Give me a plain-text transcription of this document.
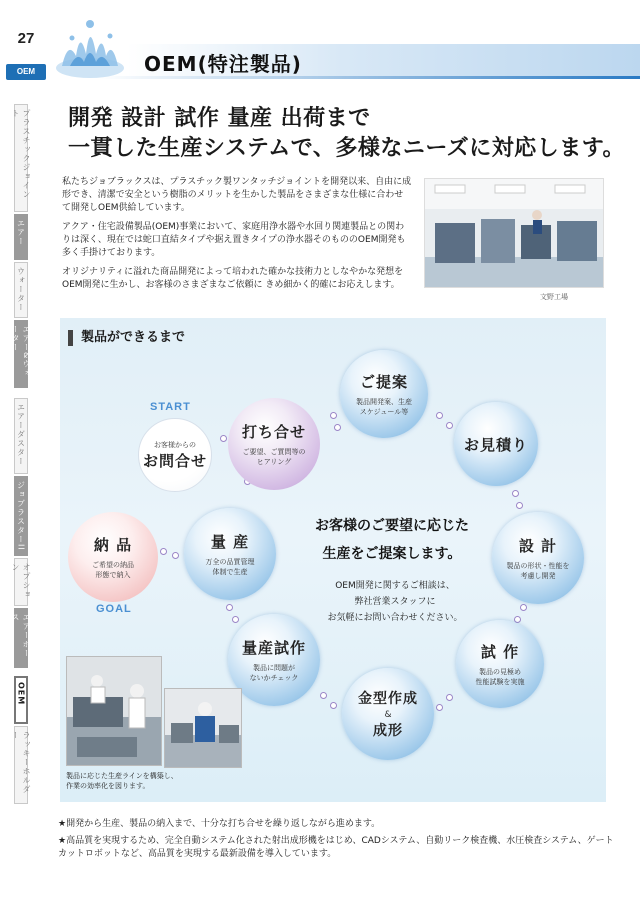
27
OEM	OEM(特注製品)
プラスチックジョイント
エアー
ウォーター
エアー&ウォーター
エアーダスター
ジョブラスターII
オプション
エアーホース
OEM
ラッキーホルダー
開発 設計 試作 量産 出荷まで
一貫した生産システムで、多様なニーズに対応します。

私たちジョブラックスは、プラスチック製ワンタッチジョイントを開発以来、自由に成形でき、清潔で安全という樹脂のメリットを生かした製品をさまざまな仕様に合わせて開発しOEM供給しています。

アクア・住宅設備製品(OEM)事業において、家庭用浄水器や水回り関連製品との関わりは深く、現在では蛇口直結タイプや据え置きタイプの浄水器そのもののOEM開発も多く手掛けております。

オリジナリティに溢れた商品開発によって培われた確かな技術力としなやかな発想をOEM開発に生かし、お客様のさまざまなご依頼に きめ細かく的確にお応えします。

文野工場
製品ができるまで
START
GOAL
お客様からの
お問合せ
打ち合せ
ご要望、ご質問等の
ヒアリング
ご提案
製品開発案、生産
スケジュール等
お見積り
設 計
製品の形状・性能を
考慮し開発
試 作
製品の見極め
性能試験を実施
金型作成
&
成形
量産試作
製品に問題が
ないかチェック
量 産
万全の品質管理
体制で生産
納 品
ご希望の納品
形態で納入
お客様のご要望に応じた
生産をご提案します。
OEM開発に関するご相談は、
弊社営業スタッフに
お気軽にお問い合わせください。
製品に応じた生産ラインを構築し、
作業の効率化を図ります。
★開発から生産、製品の納入まで、十分な打ち合せを繰り返しながら進めます。
★高品質を実現するため、完全自動システム化された射出成形機をはじめ、CADシステム、自動リーク検査機、水圧検査システム、ゲートカットロボットなど、高品質を実現する最新設備を導入しています。
